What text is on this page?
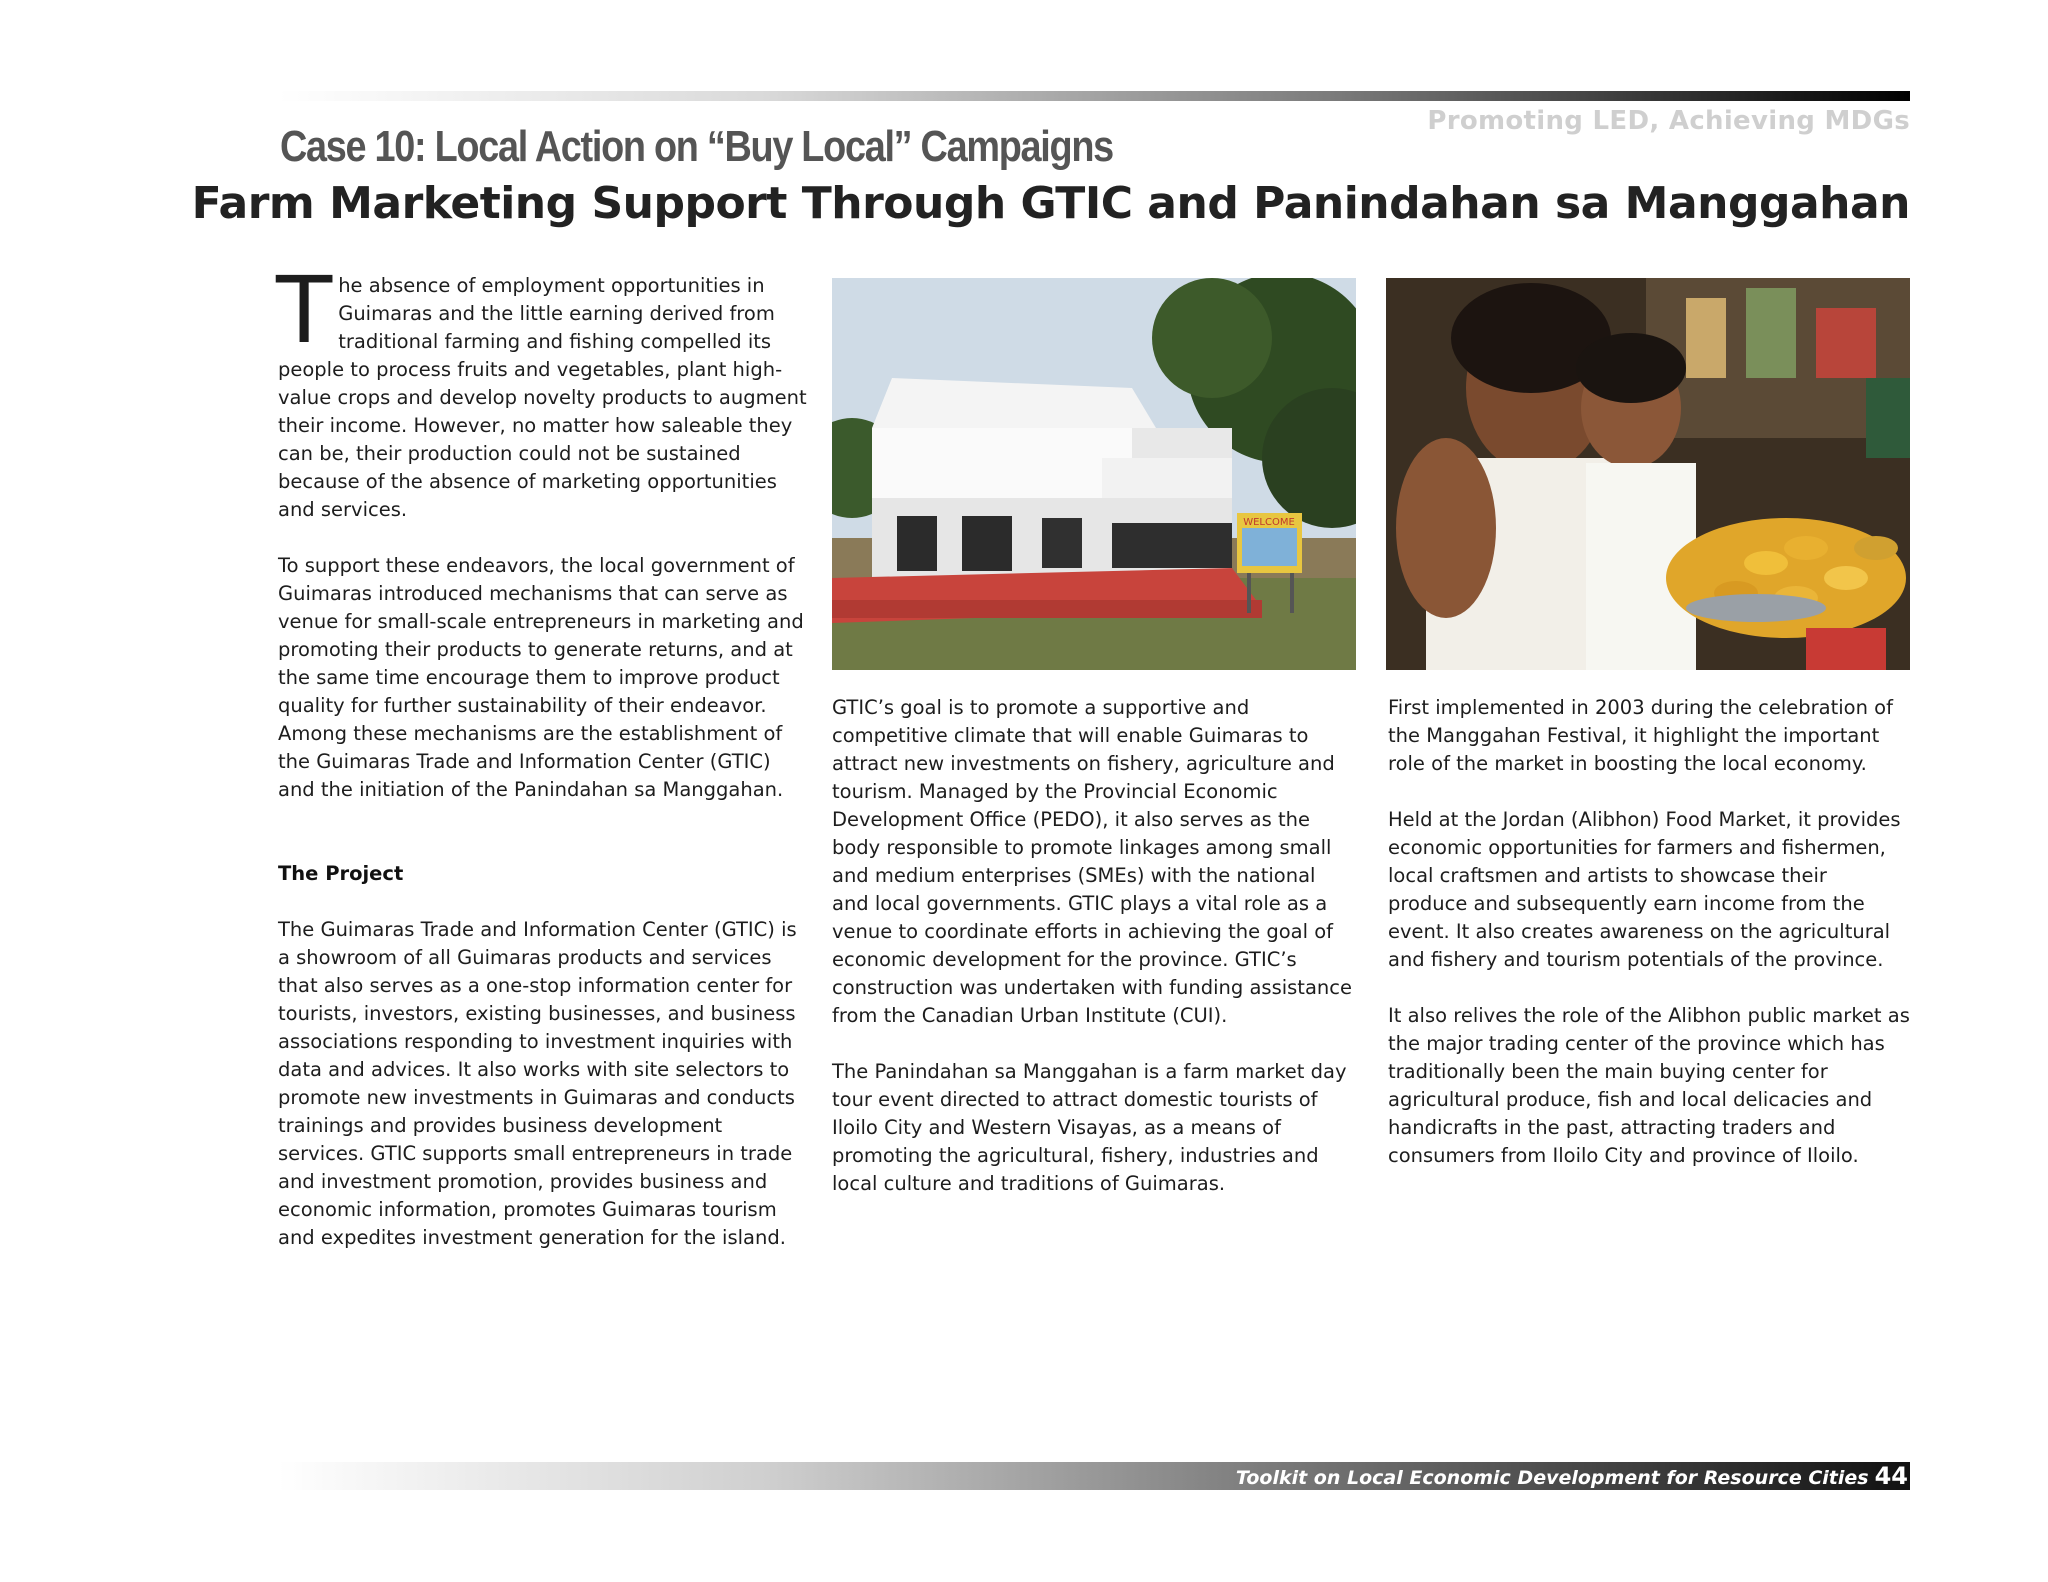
Promoting LED, Achieving MDGs
Case 10: Local Action on “Buy Local” Campaigns
Farm Marketing Support Through GTIC and Panindahan sa Manggahan

The absence of employment opportunities in Guimaras and the little earning derived from traditional farming and fishing compelled its people to process fruits and vegetables, plant high-value crops and develop novelty products to augment their income. However, no matter how saleable they can be, their production could not be sustained because of the absence of marketing opportunities and services.

To support these endeavors, the local government of Guimaras introduced mechanisms that can serve as venue for small-scale entrepreneurs in marketing and promoting their products to generate returns, and at the same time encourage them to improve product quality for further sustainability of their endeavor. Among these mechanisms are the establishment of the Guimaras Trade and Information Center (GTIC) and the initiation of the Panindahan sa Manggahan.

The Project

The Guimaras Trade and Information Center (GTIC) is a showroom of all Guimaras products and services that also serves as a one-stop information center for tourists, investors, existing businesses, and business associations responding to investment inquiries with data and advices. It also works with site selectors to promote new investments in Guimaras and conducts trainings and provides business development services. GTIC supports small entrepreneurs in trade and investment promotion, provides business and economic information, promotes Guimaras tourism and expedites investment generation for the island.

WELCOME

GTIC’s goal is to promote a supportive and competitive climate that will enable Guimaras to attract new investments on fishery, agriculture and tourism. Managed by the Provincial Economic Development Office (PEDO), it also serves as the body responsible to promote linkages among small and medium enterprises (SMEs) with the national and local governments. GTIC plays a vital role as a venue to coordinate efforts in achieving the goal of economic development for the province. GTIC’s construction was undertaken with funding assistance from the Canadian Urban Institute (CUI).

The Panindahan sa Manggahan is a farm market day tour event directed to attract domestic tourists of Iloilo City and Western Visayas, as a means of promoting the agricultural, fishery, industries and local culture and traditions of Guimaras.

First implemented in 2003 during the celebration of the Manggahan Festival, it highlight the important role of the market in boosting the local economy.

Held at the Jordan (Alibhon) Food Market, it provides economic opportunities for farmers and fishermen, local craftsmen and artists to showcase their produce and subsequently earn income from the event. It also creates awareness on the agricultural and fishery and tourism potentials of the province.

It also relives the role of the Alibhon public market as the major trading center of the province which has traditionally been the main buying center for agricultural produce, fish and local delicacies and handicrafts in the past, attracting traders and consumers from Iloilo City and province of Iloilo.

Toolkit on Local Economic Development for Resource Cities 44
